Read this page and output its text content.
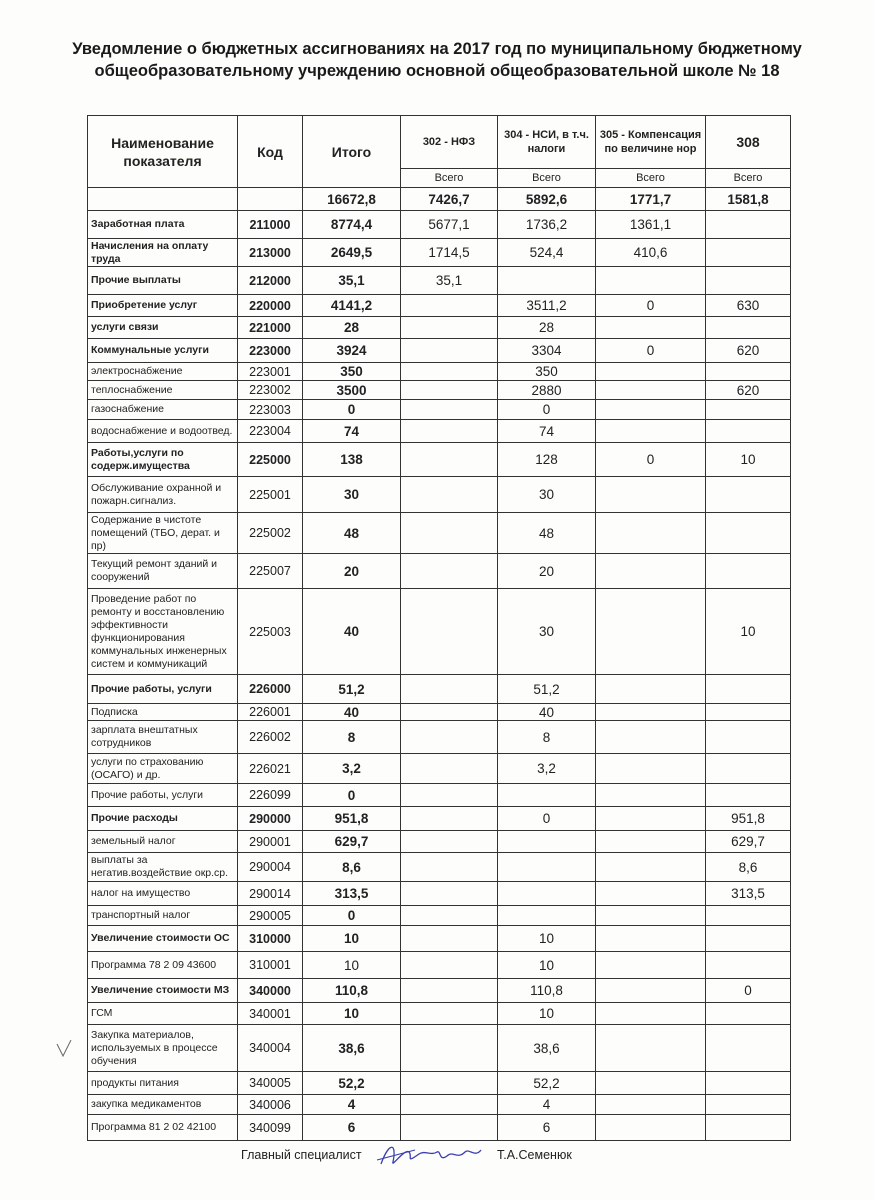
Уведомление о бюджетных ассигнованиях на 2017 год по муниципальному бюджетному общеобразовательному учреждению основной общеобразовательной школе № 18
Наименование показателя	Код	Итого	302 - НФЗ	304 - НСИ, в т.ч. налоги	305 - Компенсация по величине нор	308
			Всего	Всего	Всего	Всего
		16672,8	7426,7	5892,6	1771,7	1581,8
Заработная плата	211000	8774,4	5677,1	1736,2	1361,1	
Начисления на оплату труда	213000	2649,5	1714,5	524,4	410,6	
Прочие выплаты	212000	35,1	35,1			
Приобретение услуг	220000	4141,2		3511,2	0	630
услуги связи	221000	28		28		
Коммунальные услуги	223000	3924		3304	0	620
электроснабжение	223001	350		350		
теплоснабжение	223002	3500		2880		620
газоснабжение	223003	0		0		
водоснабжение и водоотвед.	223004	74		74		
Работы,услуги по содерж.имущества	225000	138		128	0	10
Обслуживание охранной и пожарн.сигнализ.	225001	30		30		
Содержание в чистоте помещений (ТБО, дерат. и пр)	225002	48		48		
Текущий ремонт зданий и сооружений	225007	20		20		
Проведение работ по ремонту и восстановлению эффективности функционирования коммунальных инженерных систем и коммуникаций	225003	40		30		10
Прочие работы, услуги	226000	51,2		51,2		
Подписка	226001	40		40		
зарплата внештатных сотрудников	226002	8		8		
услуги по страхованию (ОСАГО) и др.	226021	3,2		3,2		
Прочие работы, услуги	226099	0				
Прочие расходы	290000	951,8		0		951,8
земельный налог	290001	629,7				629,7
выплаты за негатив.воздействие окр.ср.	290004	8,6				8,6
налог на имущество	290014	313,5				313,5
транспортный налог	290005	0				
Увеличение стоимости ОС	310000	10		10		
Программа 78 2 09 43600	310001	10		10		
Увеличение стоимости МЗ	340000	110,8		110,8		0
ГСМ	340001	10		10		
Закупка материалов, используемых в процессе обучения	340004	38,6		38,6		
продукты питания	340005	52,2		52,2		
закупка медикаментов	340006	4		4		
Программа 81 2 02 42100	340099	6		6		
Главный специалист	Т.А.Семенюк
